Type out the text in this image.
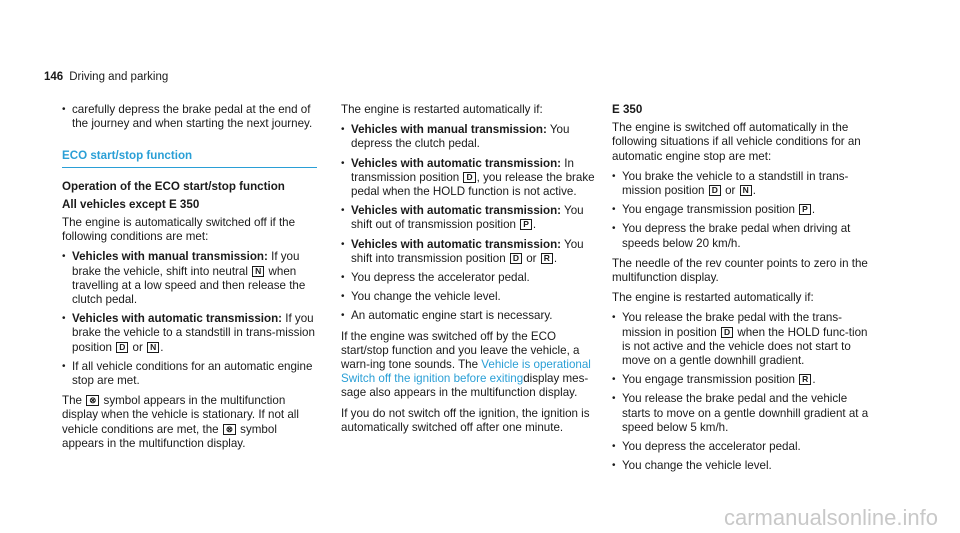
146 Driving and parking
• carefully depress the brake pedal at the end of the journey and when starting the next journey.
ECO start/stop function
Operation of the ECO start/stop function
All vehicles except E 350

The engine is automatically switched off if the following conditions are met:

• Vehicles with manual transmission: If you brake the vehicle, shift into neutral N when travelling at a low speed and then release the clutch pedal.
• Vehicles with automatic transmission: If you brake the vehicle to a standstill in trans-mission position D or N .
• If all vehicle conditions for an automatic engine stop are met.

The ⊗ symbol appears in the multifunction display when the vehicle is stationary. If not all vehicle conditions are met, the ⊗ symbol appears in the multifunction display.

The engine is restarted automatically if:

• Vehicles with manual transmission: You depress the clutch pedal.
• Vehicles with automatic transmission: In transmission position D , you release the brake pedal when the HOLD function is not active.
• Vehicles with automatic transmission: You shift out of transmission position P .
• Vehicles with automatic transmission: You shift into transmission position D or R .
• You depress the accelerator pedal.
• You change the vehicle level.
• An automatic engine start is necessary.

If the engine was switched off by the ECO start/stop function and you leave the vehicle, a warn-ing tone sounds. The Vehicle is operational Switch off the ignition before exitingdisplay mes-sage also appears in the multifunction display.

If you do not switch off the ignition, the ignition is automatically switched off after one minute.

E 350

The engine is switched off automatically in the following situations if all vehicle conditions for an automatic engine stop are met:

• You brake the vehicle to a standstill in trans-mission position D or N .
• You engage transmission position P .
• You depress the brake pedal when driving at speeds below 20 km/h.

The needle of the rev counter points to zero in the multifunction display.

The engine is restarted automatically if:

• You release the brake pedal with the trans-mission in position D when the HOLD func-tion is not active and the vehicle does not start to move on a gentle downhill gradient.
• You engage transmission position R .
• You release the brake pedal and the vehicle starts to move on a gentle downhill gradient at a speed below 5 km/h.
• You depress the accelerator pedal.
• You change the vehicle level.
carmanualsonline.info
